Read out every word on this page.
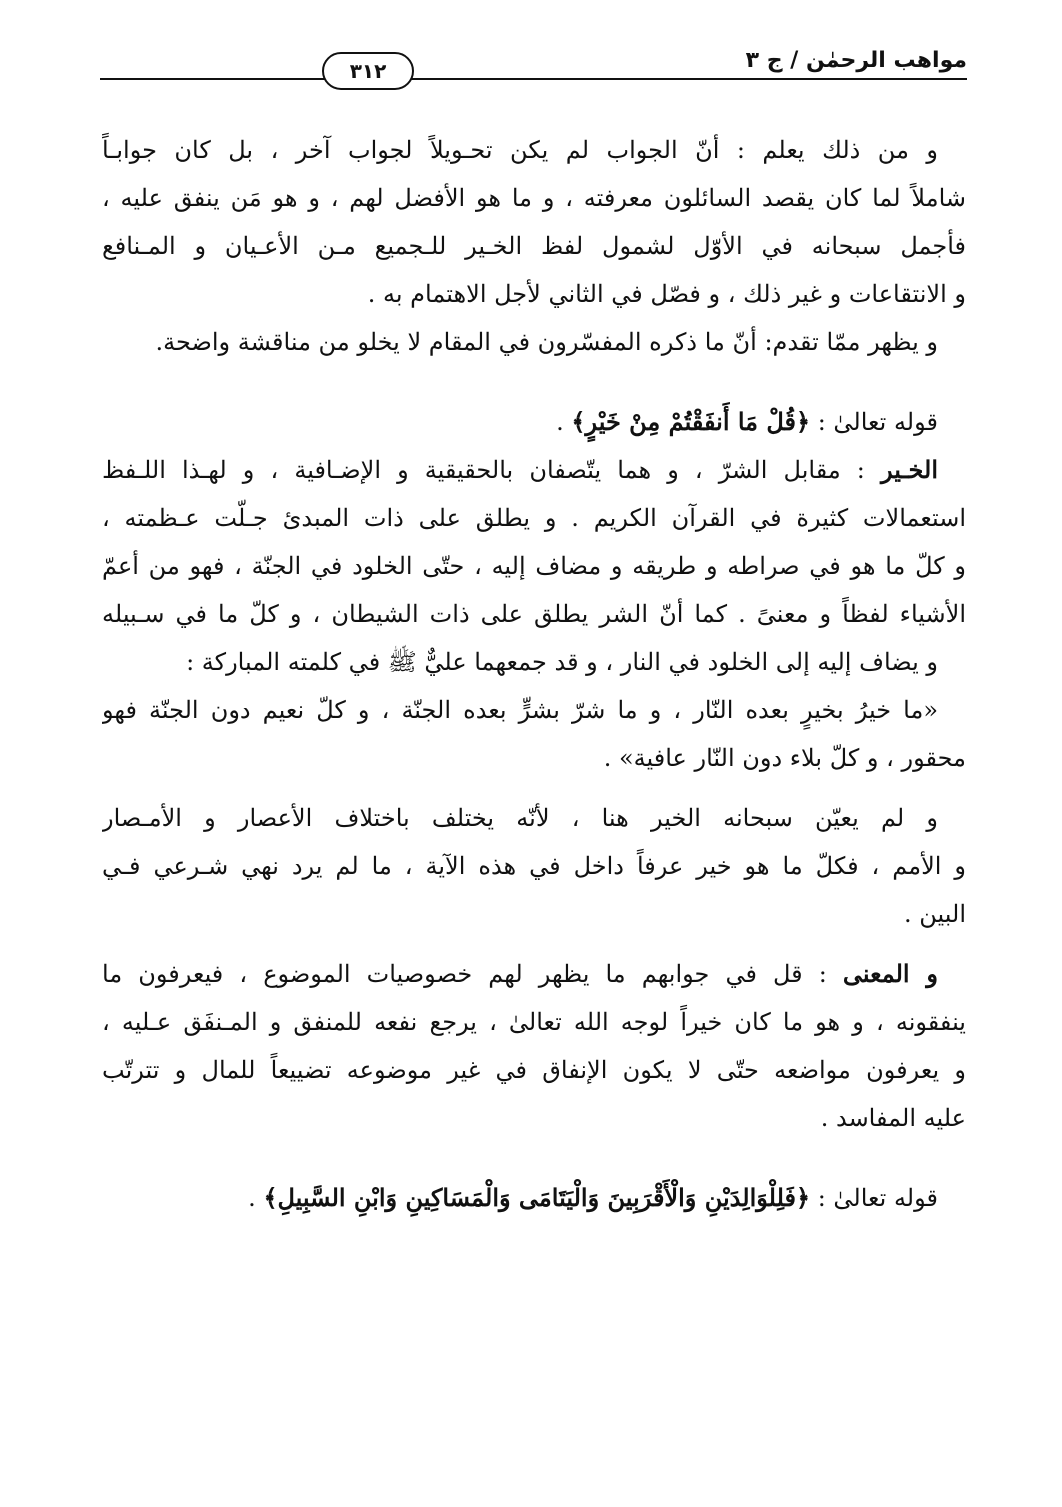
مواهب الرحمٰن / ج ٣
٣١٢
و من ذلك يعلم : أنّ الجواب لم يكن تحـويلاً لجواب آخر ، بل كان جوابـاً
شاملاً لما كان يقصد السائلون معرفته ، و ما هو الأفضل لهم ، و هو مَن ينفق عليه ،
فأجمل سبحانه في الأوّل لشمول لفظ الخـير للـجميع مـن الأعـيان و المـنافع
و الانتقاعات و غير ذلك ، و فصّل في الثاني لأجل الاهتمام به .
و يظهر ممّا تقدم: أنّ ما ذكره المفسّرون في المقام لا يخلو من مناقشة واضحة.
قوله تعالىٰ : ﴿قُلْ مَا أَنفَقْتُمْ مِنْ خَيْرٍ﴾ .
الخـير : مقابل الشرّ ، و هما يتّصفان بالحقيقية و الإضـافية ، و لهـذا اللـفظ
استعمالات كثيرة في القرآن الكريم . و يطلق على ذات المبدئ جـلّت عـظمته ،
و كلّ ما هو في صراطه و طريقه و مضاف إليه ، حتّى الخلود في الجنّة ، فهو من أعمّ
الأشياء لفظاً و معنىً . كما أنّ الشر يطلق على ذات الشيطان ، و كلّ ما في سـبيله
و يضاف إليه إلى الخلود في النار ، و قد جمعهما عليٌّ ﷺ في كلمته المباركة :
«ما خيرُ بخيرٍ بعده النّار ، و ما شرّ بشرٍّ بعده الجنّة ، و كلّ نعيم دون الجنّة فهو
محقور ، و كلّ بلاء دون النّار عافية» .
و لم يعيّن سبحانه الخير هنا ، لأنّه يختلف باختلاف الأعصار و الأمـصار
و الأمم ، فكلّ ما هو خير عرفاً داخل في هذه الآية ، ما لم يرد نهي شـرعي فـي
البين .
و المعنى : قل في جوابهم ما يظهر لهم خصوصيات الموضوع ، فيعرفون ما
ينفقونه ، و هو ما كان خيراً لوجه الله تعالىٰ ، يرجع نفعه للمنفق و المـنفَق عـليه ،
و يعرفون مواضعه حتّى لا يكون الإنفاق في غير موضوعه تضييعاً للمال و تترتّب
عليه المفاسد .
قوله تعالىٰ : ﴿فَلِلْوَالِدَيْنِ وَالْأَقْرَبِينَ وَالْيَتَامَى وَالْمَسَاكِينِ وَابْنِ السَّبِيلِ﴾ .
